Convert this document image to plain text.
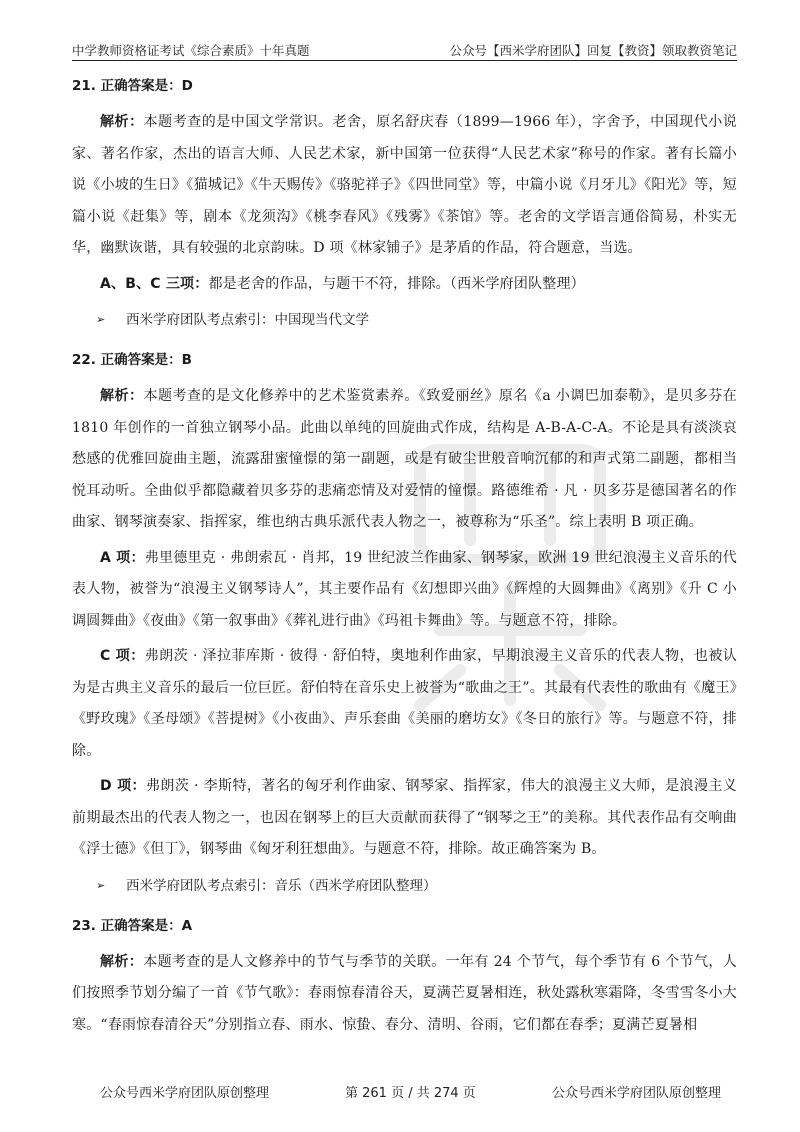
中学教师资格证考试《综合素质》十年真题	公众号【西米学府团队】回复【教资】领取教资笔记
21. 正确答案是：D

解析：本题考查的是中国文学常识。老舍，原名舒庆春（1899—1966 年），字舍予，中国现代小说家、著名作家，杰出的语言大师、人民艺术家，新中国第一位获得“人民艺术家”称号的作家。著有长篇小说《小坡的生日》《猫城记》《牛天赐传》《骆驼祥子》《四世同堂》等，中篇小说《月牙儿》《阳光》等，短篇小说《赶集》等，剧本《龙须沟》《桃李春风》《残雾》《茶馆》等。老舍的文学语言通俗简易，朴实无华，幽默诙谐，具有较强的北京韵味。D 项《林家铺子》是茅盾的作品，符合题意，当选。

A、B、C 三项：都是老舍的作品，与题干不符，排除。（西米学府团队整理）

➢	西米学府团队考点索引：中国现当代文学
22. 正确答案是：B

解析：本题考查的是文化修养中的艺术鉴赏素养。《致爱丽丝》原名《a 小调巴加泰勒》，是贝多芬在 1810 年创作的一首独立钢琴小品。此曲以单纯的回旋曲式作成，结构是 A-B-A-C-A。不论是具有淡淡哀愁感的优雅回旋曲主题，流露甜蜜憧憬的第一副题，或是有破尘世般音响沉郁的和声式第二副题，都相当悦耳动听。全曲似乎都隐藏着贝多芬的悲痛恋情及对爱情的憧憬。路德维希 · 凡 · 贝多芬是德国著名的作曲家、钢琴演奏家、指挥家，维也纳古典乐派代表人物之一，被尊称为“乐圣”。综上表明 B 项正确。

A 项：弗里德里克 · 弗朗索瓦 · 肖邦，19 世纪波兰作曲家、钢琴家，欧洲 19 世纪浪漫主义音乐的代表人物，被誉为“浪漫主义钢琴诗人”，其主要作品有《幻想即兴曲》《辉煌的大圆舞曲》《离别》《升 C 小调圆舞曲》《夜曲》《第一叙事曲》《葬礼进行曲》《玛祖卡舞曲》等。与题意不符，排除。

C 项：弗朗茨 · 泽拉菲库斯 · 彼得 · 舒伯特，奥地利作曲家，早期浪漫主义音乐的代表人物，也被认为是古典主义音乐的最后一位巨匠。舒伯特在音乐史上被誉为“歌曲之王”。其最有代表性的歌曲有《魔王》《野玫瑰》《圣母颂》《菩提树》《小夜曲》、声乐套曲《美丽的磨坊女》《冬日的旅行》等。与题意不符，排除。

D 项：弗朗茨 · 李斯特，著名的匈牙利作曲家、钢琴家、指挥家，伟大的浪漫主义大师，是浪漫主义前期最杰出的代表人物之一，也因在钢琴上的巨大贡献而获得了“钢琴之王”的美称。其代表作品有交响曲《浮士德》《但丁》，钢琴曲《匈牙利狂想曲》。与题意不符，排除。故正确答案为 B。

➢	西米学府团队考点索引：音乐（西米学府团队整理）
23. 正确答案是：A

解析：本题考查的是人文修养中的节气与季节的关联。一年有 24 个节气，每个季节有 6 个节气，人们按照季节划分编了一首《节气歌》：春雨惊春清谷天，夏满芒夏暑相连，秋处露秋寒霜降，冬雪雪冬小大寒。“春雨惊春清谷天”分别指立春、雨水、惊蛰、春分、清明、谷雨，它们都在春季；夏满芒夏暑相

公众号西米学府团队原创整理	第 261 页 / 共 274 页	公众号西米学府团队原创整理
